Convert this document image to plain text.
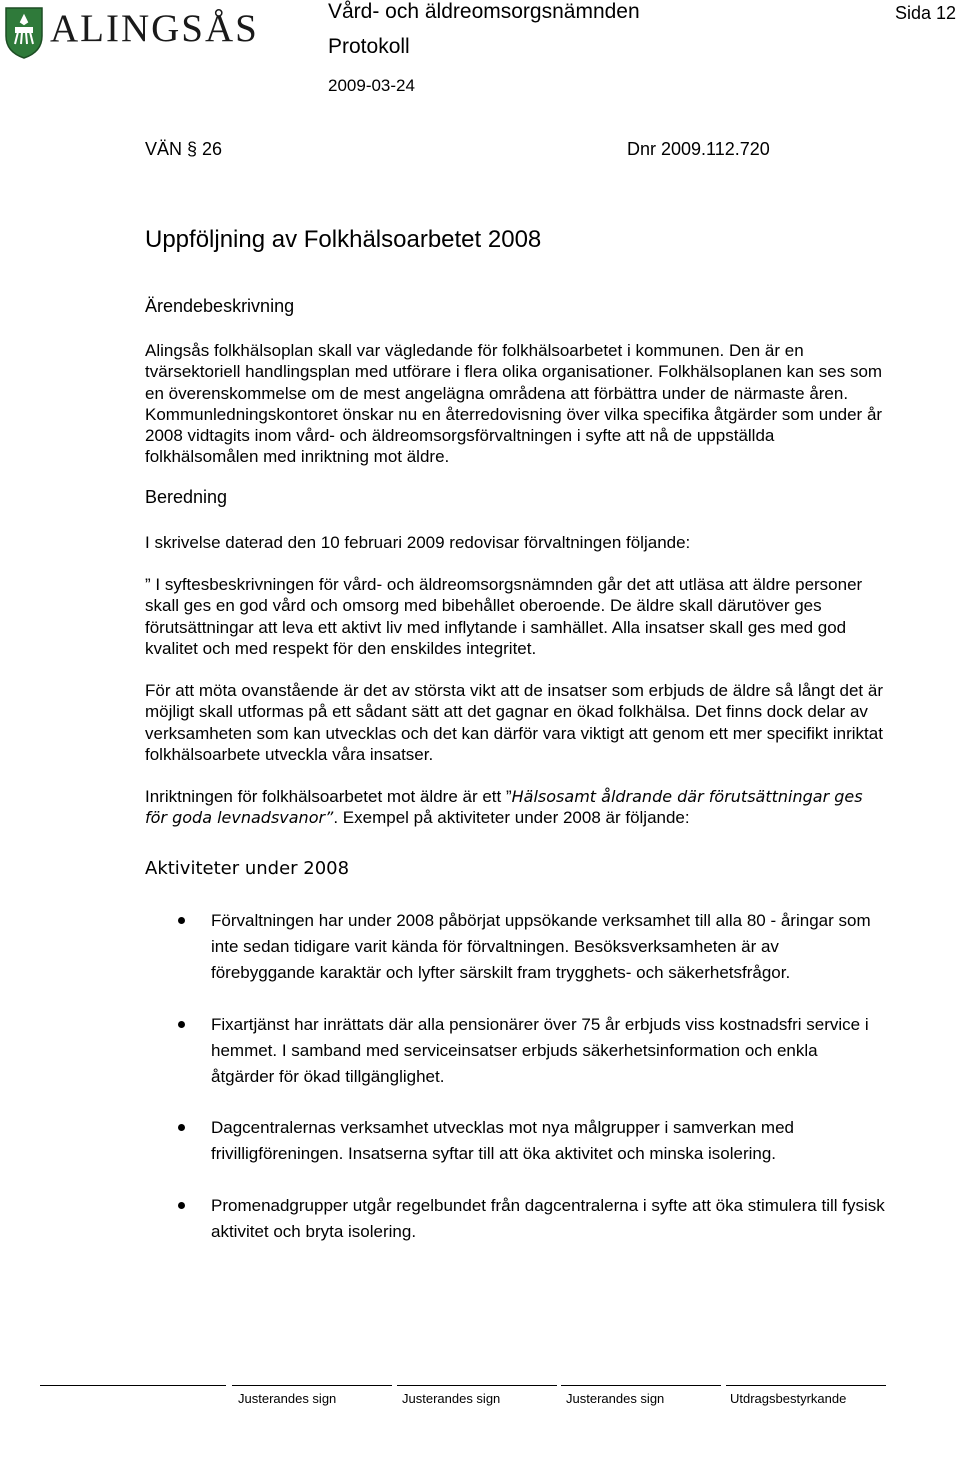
ALINGSÅS	Vård- och äldreomsorgsnämnden
Protokoll
2009-03-24
Sida 12
VÄN § 26	Dnr 2009.112.720
Uppföljning av Folkhälsoarbetet 2008
Ärendebeskrivning

Alingsås folkhälsoplan skall var vägledande för folkhälsoarbetet i kommunen. Den är en tvärsektoriell handlingsplan med utförare i flera olika organisationer. Folkhälsoplanen kan ses som en överenskommelse om de mest angelägna områdena att förbättra under de närmaste åren. Kommunledningskontoret önskar nu en återredovisning över vilka specifika åtgärder som under år 2008 vidtagits inom vård- och äldreomsorgsförvaltningen i syfte att nå de uppställda folkhälsomålen med inriktning mot äldre.

Beredning

I skrivelse daterad den 10 februari 2009 redovisar förvaltningen följande:

” I syftesbeskrivningen för vård- och äldreomsorgsnämnden går det att utläsa att äldre personer skall ges en god vård och omsorg med bibehållet oberoende. De äldre skall därutöver ges förutsättningar att leva ett aktivt liv med inflytande i samhället. Alla insatser skall ges med god kvalitet och med respekt för den enskildes integritet.

För att möta ovanstående är det av största vikt att de insatser som erbjuds de äldre så långt det är möjligt skall utformas på ett sådant sätt att det gagnar en ökad folkhälsa. Det finns dock delar av verksamheten som kan utvecklas och det kan därför vara viktigt att genom ett mer specifikt inriktat folkhälsoarbete utveckla våra insatser.

Inriktningen för folkhälsoarbetet mot äldre är ett ”Hälsosamt åldrande där förutsättningar ges för goda levnadsvanor”. Exempel på aktiviteter under 2008 är följande:

Aktiviteter under 2008
Förvaltningen har under 2008 påbörjat uppsökande verksamhet till alla 80 - åringar som inte sedan tidigare varit kända för förvaltningen. Besöksverksamheten är av förebyggande karaktär och lyfter särskilt fram trygghets- och säkerhetsfrågor.
Fixartjänst har inrättats där alla pensionärer över 75 år erbjuds viss kostnadsfri service i hemmet. I samband med serviceinsatser erbjuds säkerhetsinformation och enkla åtgärder för ökad tillgänglighet.
Dagcentralernas verksamhet utvecklas mot nya målgrupper i samverkan med frivilligföreningen. Insatserna syftar till att öka aktivitet och minska isolering.
Promenadgrupper utgår regelbundet från dagcentralerna i syfte att öka stimulera till fysisk aktivitet och bryta isolering.
Justerandes sign	Justerandes sign	Justerandes sign	Utdragsbestyrkande
